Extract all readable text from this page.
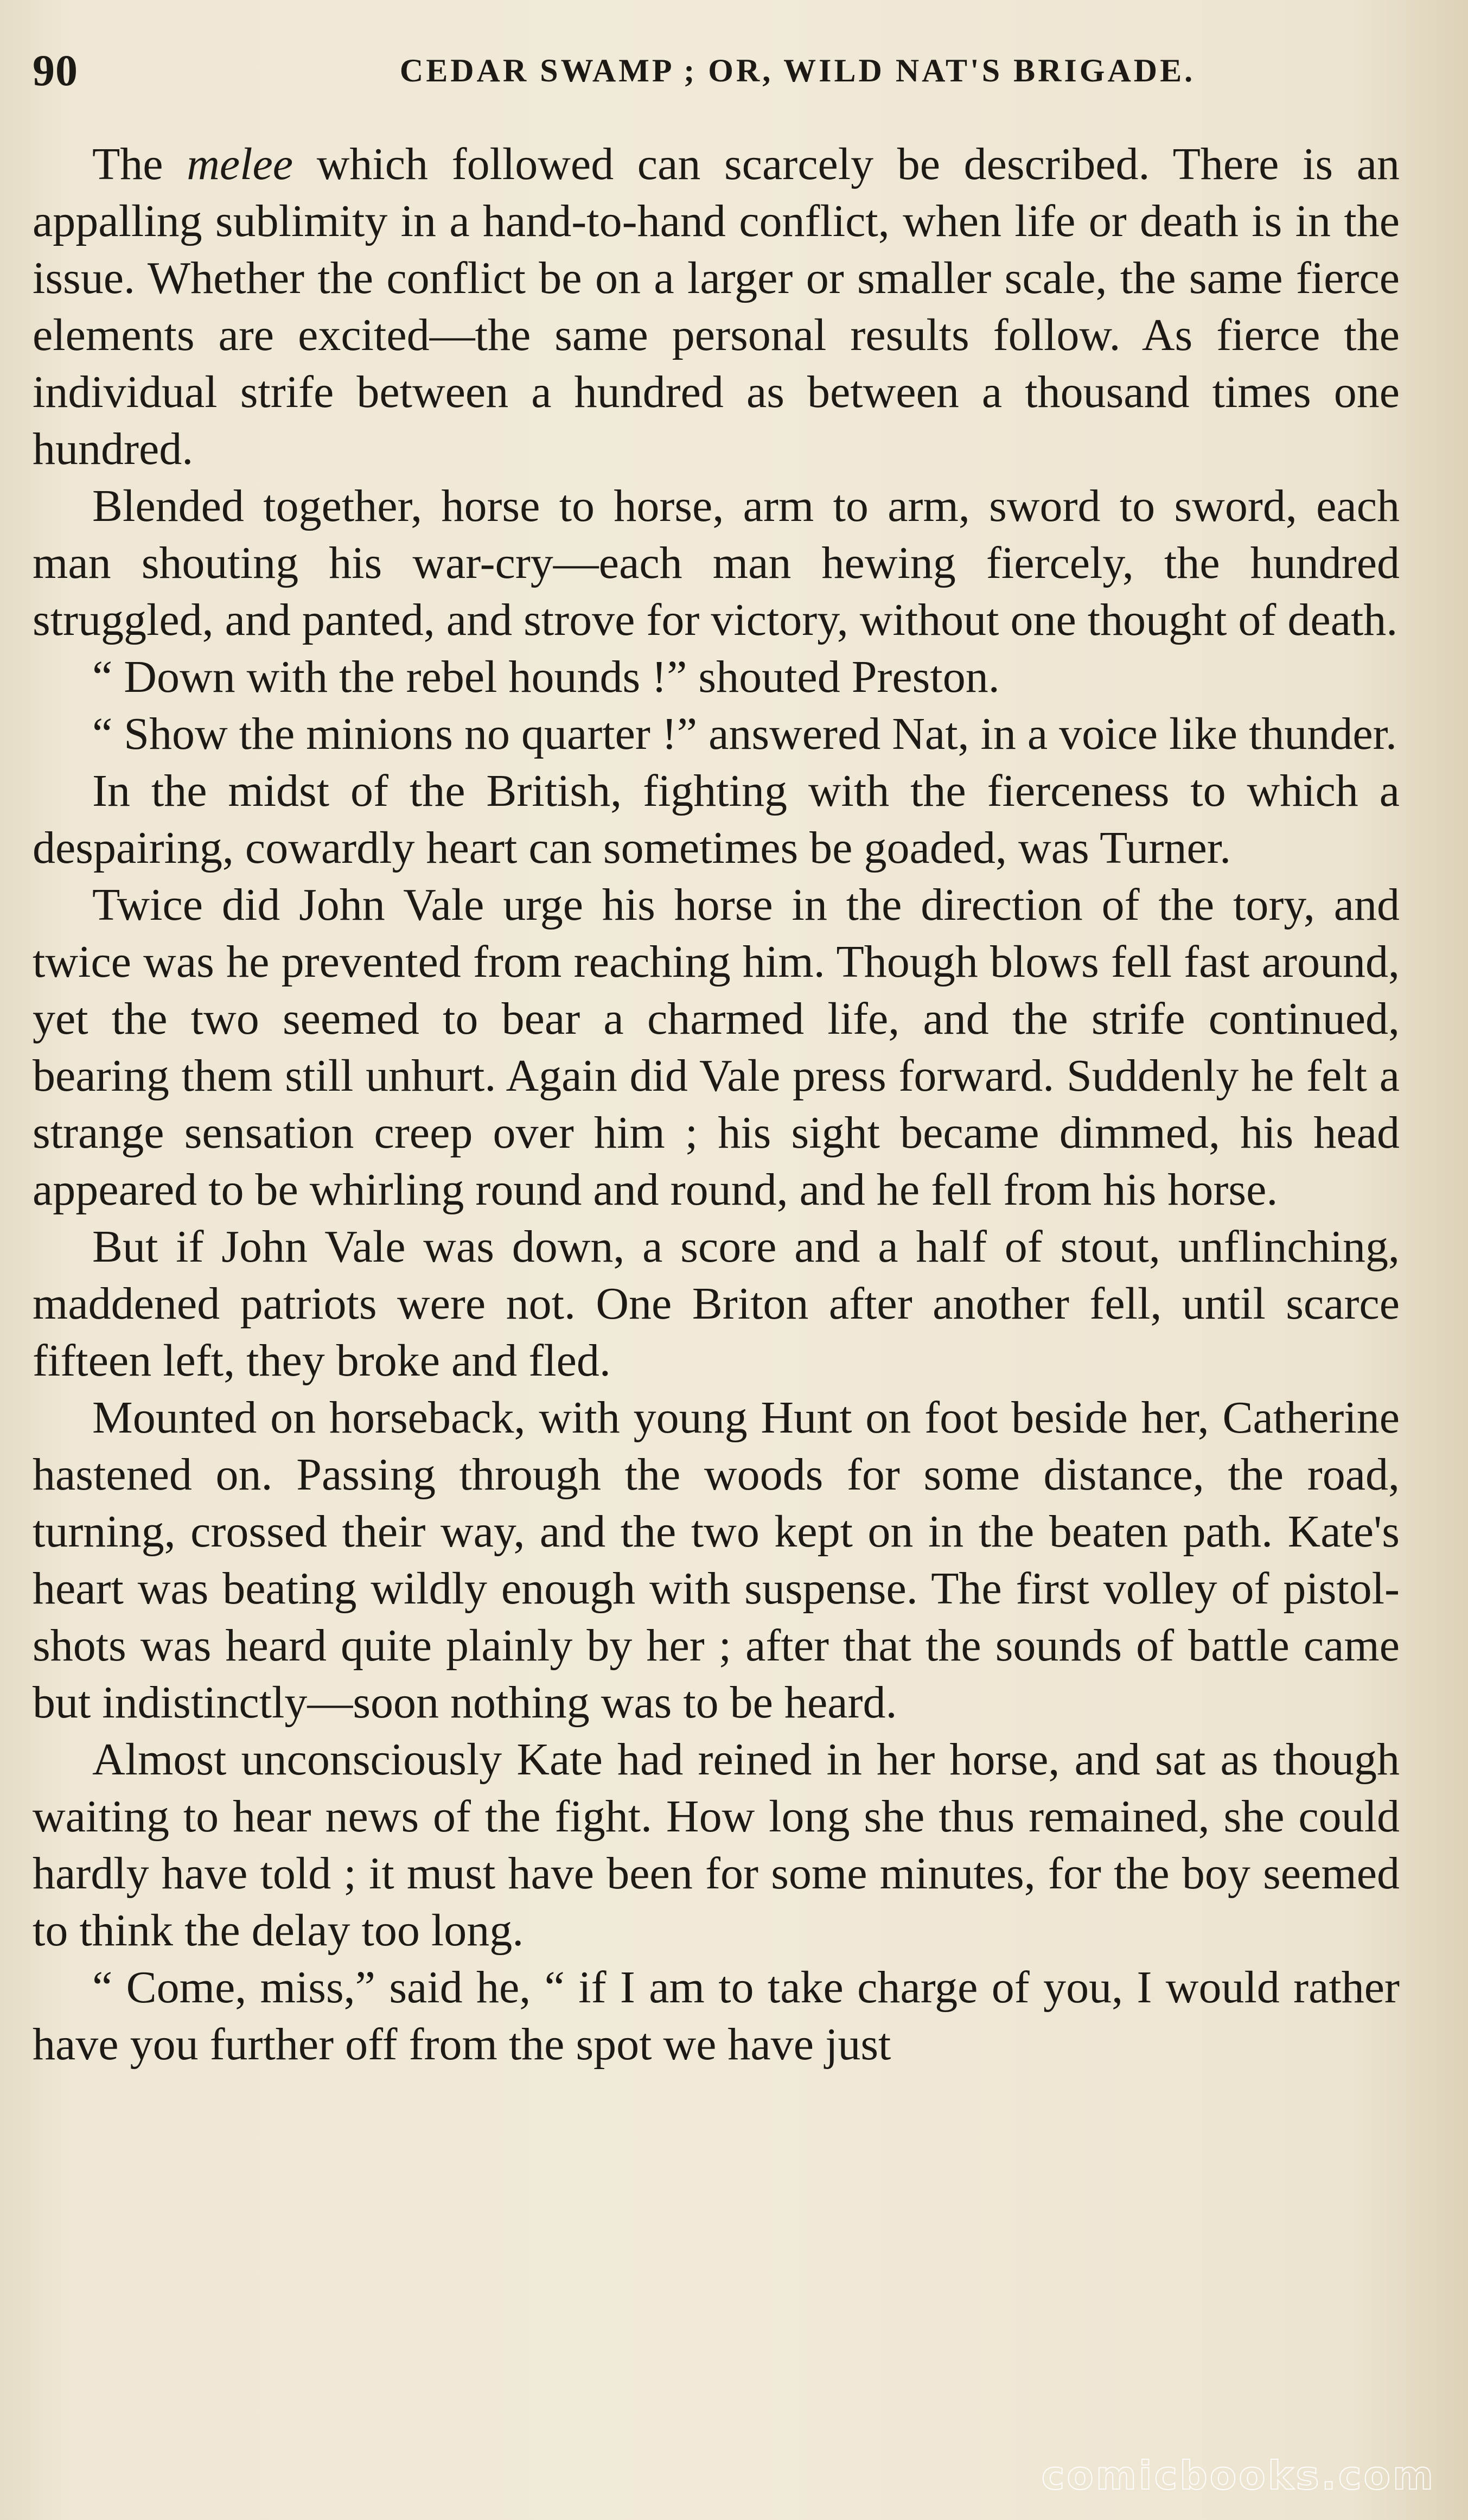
90	CEDAR SWAMP ; OR, WILD NAT'S BRIGADE.

The melee which followed can scarcely be described. There is an appalling sublimity in a hand-to-hand conflict, when life or death is in the issue. Whether the conflict be on a larger or smaller scale, the same fierce elements are excited—the same personal results follow. As fierce the individual strife between a hundred as between a thousand times one hundred.

Blended together, horse to horse, arm to arm, sword to sword, each man shouting his war-cry—each man hewing fiercely, the hundred struggled, and panted, and strove for victory, without one thought of death.

“ Down with the rebel hounds !” shouted Preston.

“ Show the minions no quarter !” answered Nat, in a voice like thunder.

In the midst of the British, fighting with the fierceness to which a despairing, cowardly heart can sometimes be goaded, was Turner.

Twice did John Vale urge his horse in the direction of the tory, and twice was he prevented from reaching him. Though blows fell fast around, yet the two seemed to bear a charmed life, and the strife continued, bearing them still unhurt. Again did Vale press forward. Suddenly he felt a strange sensation creep over him ; his sight became dimmed, his head appeared to be whirling round and round, and he fell from his horse.

But if John Vale was down, a score and a half of stout, unflinching, maddened patriots were not. One Briton after another fell, until scarce fifteen left, they broke and fled.

Mounted on horseback, with young Hunt on foot beside her, Catherine hastened on. Passing through the woods for some distance, the road, turning, crossed their way, and the two kept on in the beaten path. Kate's heart was beating wildly enough with suspense. The first volley of pistol-shots was heard quite plainly by her ; after that the sounds of battle came but indistinctly—soon nothing was to be heard.

Almost unconsciously Kate had reined in her horse, and sat as though waiting to hear news of the fight. How long she thus remained, she could hardly have told ; it must have been for some minutes, for the boy seemed to think the delay too long.

“ Come, miss,” said he, “ if I am to take charge of you, I would rather have you further off from the spot we have just

comicbooks.com
